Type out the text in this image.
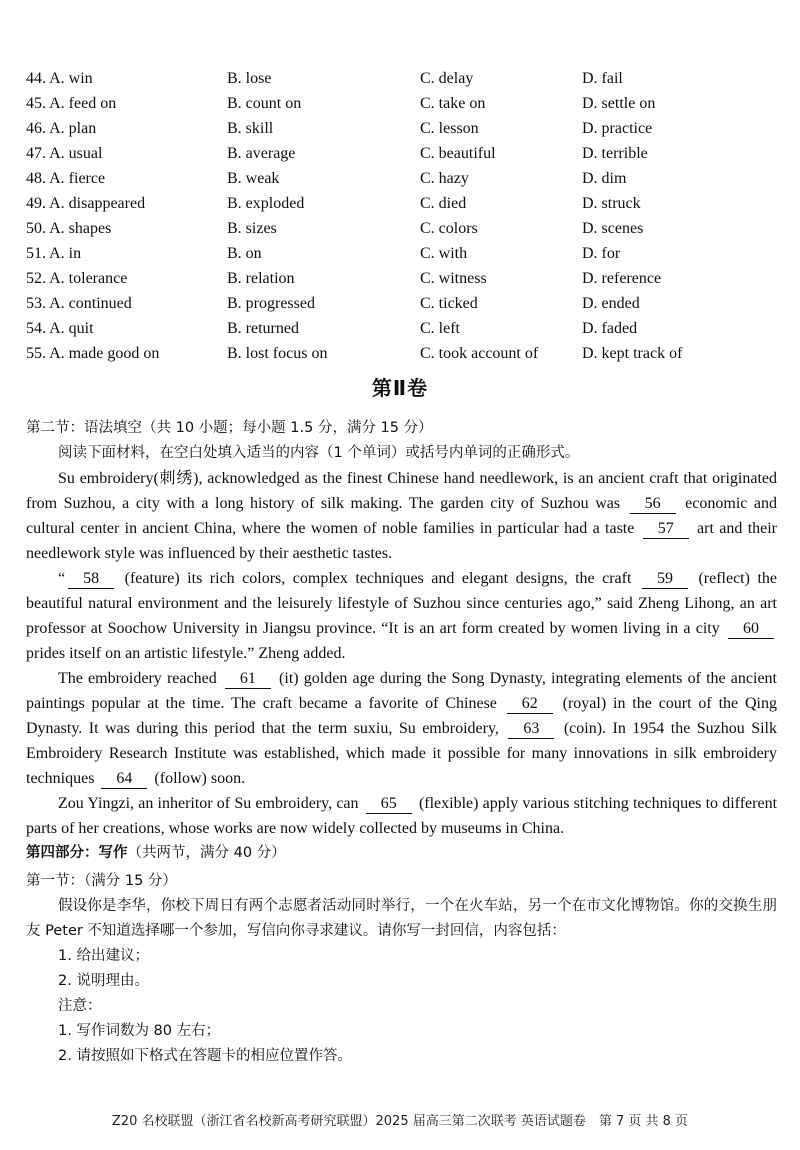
44. A. win	B. lose	C. delay	D. fail
45. A. feed on	B. count on	C. take on	D. settle on
46. A. plan	B. skill	C. lesson	D. practice
47. A. usual	B. average	C. beautiful	D. terrible
48. A. fierce	B. weak	C. hazy	D. dim
49. A. disappeared	B. exploded	C. died	D. struck
50. A. shapes	B. sizes	C. colors	D. scenes
51. A. in	B. on	C. with	D. for
52. A. tolerance	B. relation	C. witness	D. reference
53. A. continued	B. progressed	C. ticked	D. ended
54. A. quit	B. returned	C. left	D. faded
55. A. made good on	B. lost focus on	C. took account of	D. kept track of
第Ⅱ卷
第二节：语法填空（共 10 小题；每小题 1.5 分，满分 15 分）
阅读下面材料，在空白处填入适当的内容（1 个单词）或括号内单词的正确形式。

Su embroidery(刺绣), acknowledged as the finest Chinese hand needlework, is an ancient craft that originated from Suzhou, a city with a long history of silk making. The garden city of Suzhou was 56 economic and cultural center in ancient China, where the women of noble families in particular had a taste 57 art and their needlework style was influenced by their aesthetic tastes.

“ 58 (feature) its rich colors, complex techniques and elegant designs, the craft 59 (reflect) the beautiful natural environment and the leisurely lifestyle of Suzhou since centuries ago,” said Zheng Lihong, an art professor at Soochow University in Jiangsu province. “It is an art form created by women living in a city 60 prides itself on an artistic lifestyle.” Zheng added.

The embroidery reached 61 (it) golden age during the Song Dynasty, integrating elements of the ancient paintings popular at the time. The craft became a favorite of Chinese 62 (royal) in the court of the Qing Dynasty. It was during this period that the term suxiu, Su embroidery, 63 (coin). In 1954 the Suzhou Silk Embroidery Research Institute was established, which made it possible for many innovations in silk embroidery techniques 64 (follow) soon.

Zou Yingzi, an inheritor of Su embroidery, can 65 (flexible) apply various stitching techniques to different parts of her creations, whose works are now widely collected by museums in China.

第四部分：写作（共两节，满分 40 分）
第一节：（满分 15 分）
假设你是李华，你校下周日有两个志愿者活动同时举行，一个在火车站，另一个在市文化博物馆。你的交换生朋友 Peter 不知道选择哪一个参加，写信向你寻求建议。请你写一封回信，内容包括：
1. 给出建议；
2. 说明理由。
注意：
1. 写作词数为 80 左右；
2. 请按照如下格式在答题卡的相应位置作答。
Z20 名校联盟（浙江省名校新高考研究联盟）2025 届高三第二次联考 英语试题卷　第 7 页 共 8 页
